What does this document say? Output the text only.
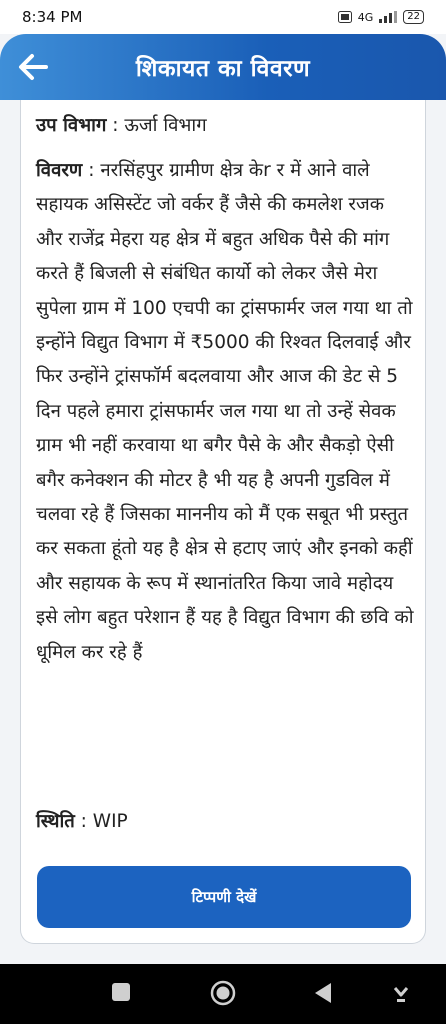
8:34 PM	4G	22
शिकायत का विवरण
उप विभाग : ऊर्जा विभाग
विवरण : नरसिंहपुर ग्रामीण क्षेत्र केr र में आने वाले सहायक असिस्टेंट जो वर्कर हैं जैसे की कमलेश रजक और राजेंद्र मेहरा यह क्षेत्र में बहुत अधिक पैसे की मांग करते हैं बिजली से संबंधित कार्यो को लेकर जैसे मेरा सुपेला ग्राम में 100 एचपी का ट्रांसफार्मर जल गया था तो इन्होंने विद्युत विभाग में ₹5000 की रिश्वत दिलवाई और फिर उन्होंने ट्रांसफॉर्म बदलवाया और आज की डेट से 5 दिन पहले हमारा ट्रांसफार्मर जल गया था तो उन्हें सेवक ग्राम भी नहीं करवाया था बगैर पैसे के और सैकड़ो ऐसी बगैर कनेक्शन की मोटर है भी यह है अपनी गुडविल में चलवा रहे हैं जिसका माननीय को मैं एक सबूत भी प्रस्तुत कर सकता हूंतो यह है क्षेत्र से हटाए जाएं और इनको कहीं और सहायक के रूप में स्थानांतरित किया जावे महोदय इसे लोग बहुत परेशान हैं यह है विद्युत विभाग की छवि को धूमिल कर रहे हैं
स्थिति : WIP
टिप्पणी देखें
